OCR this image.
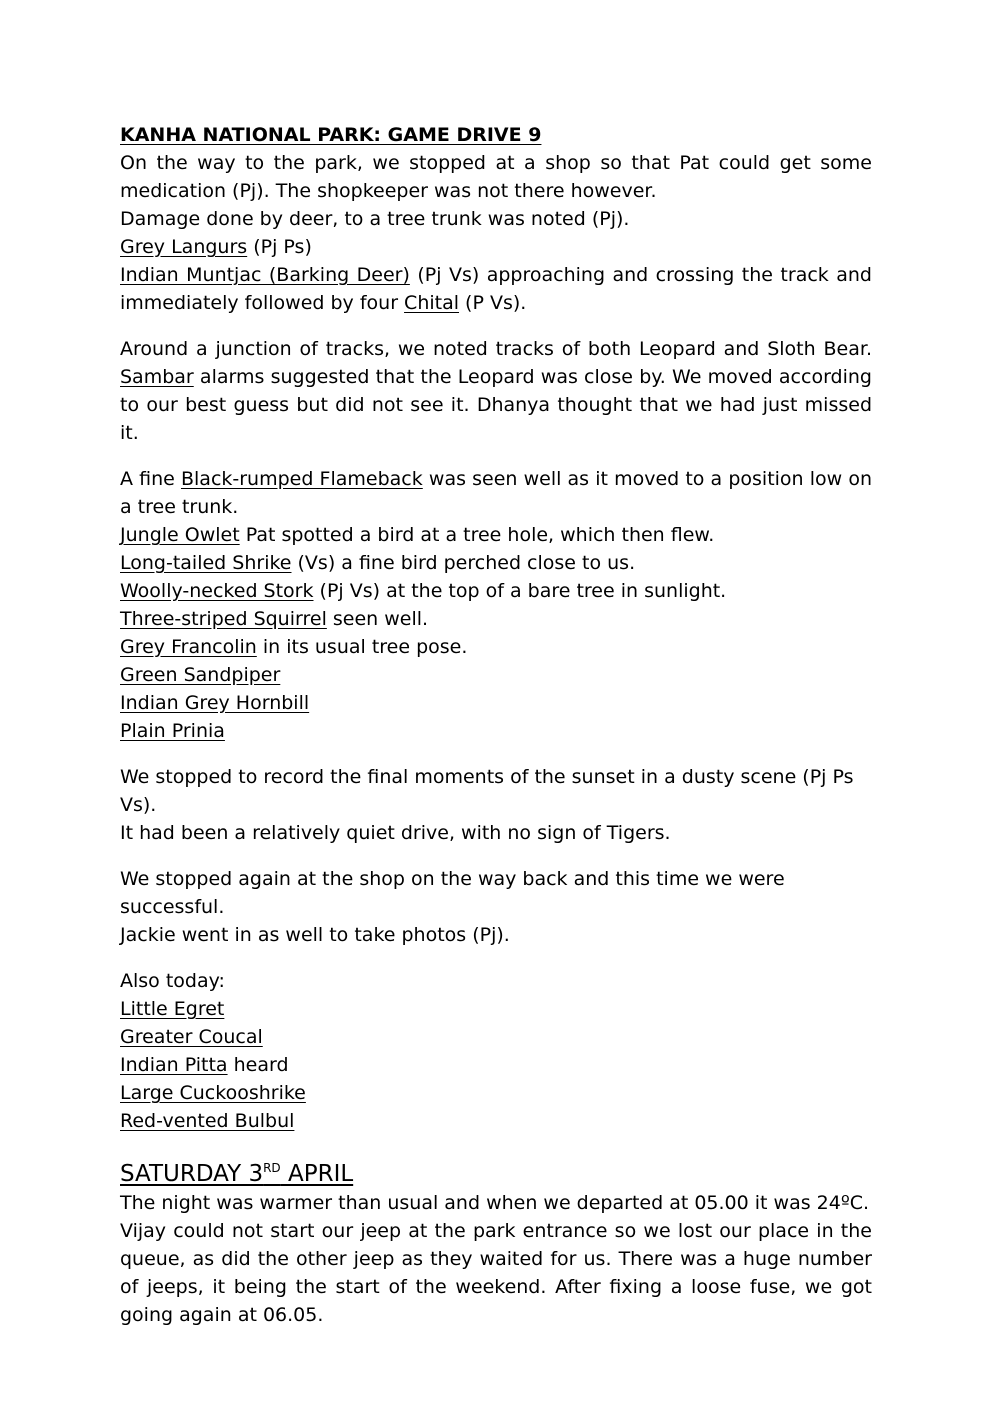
KANHA NATIONAL PARK: GAME DRIVE 9

On the way to the park, we stopped at a shop so that Pat could get some medication (Pj). The shopkeeper was not there however.

Damage done by deer, to a tree trunk was noted (Pj).

Grey Langurs (Pj Ps)

Indian Muntjac (Barking Deer) (Pj Vs) approaching and crossing the track and immediately followed by four Chital (P Vs).

Around a junction of tracks, we noted tracks of both Leopard and Sloth Bear. Sambar alarms suggested that the Leopard was close by. We moved according to our best guess but did not see it. Dhanya thought that we had just missed it.

A fine Black-rumped Flameback was seen well as it moved to a position low on a tree trunk.

Jungle Owlet Pat spotted a bird at a tree hole, which then flew.

Long-tailed Shrike (Vs) a fine bird perched close to us.

Woolly-necked Stork (Pj Vs) at the top of a bare tree in sunlight.

Three-striped Squirrel seen well.

Grey Francolin in its usual tree pose.

Green Sandpiper

Indian Grey Hornbill

Plain Prinia

We stopped to record the final moments of the sunset in a dusty scene (Pj Ps Vs).

It had been a relatively quiet drive, with no sign of Tigers.

We stopped again at the shop on the way back and this time we were successful.

Jackie went in as well to take photos (Pj).

Also today:

Little Egret

Greater Coucal

Indian Pitta heard

Large Cuckooshrike

Red-vented Bulbul

SATURDAY 3RD APRIL

The night was warmer than usual and when we departed at 05.00 it was 24ºC.

Vijay could not start our jeep at the park entrance so we lost our place in the queue, as did the other jeep as they waited for us. There was a huge number of jeeps, it being the start of the weekend. After fixing a loose fuse, we got going again at 06.05.
